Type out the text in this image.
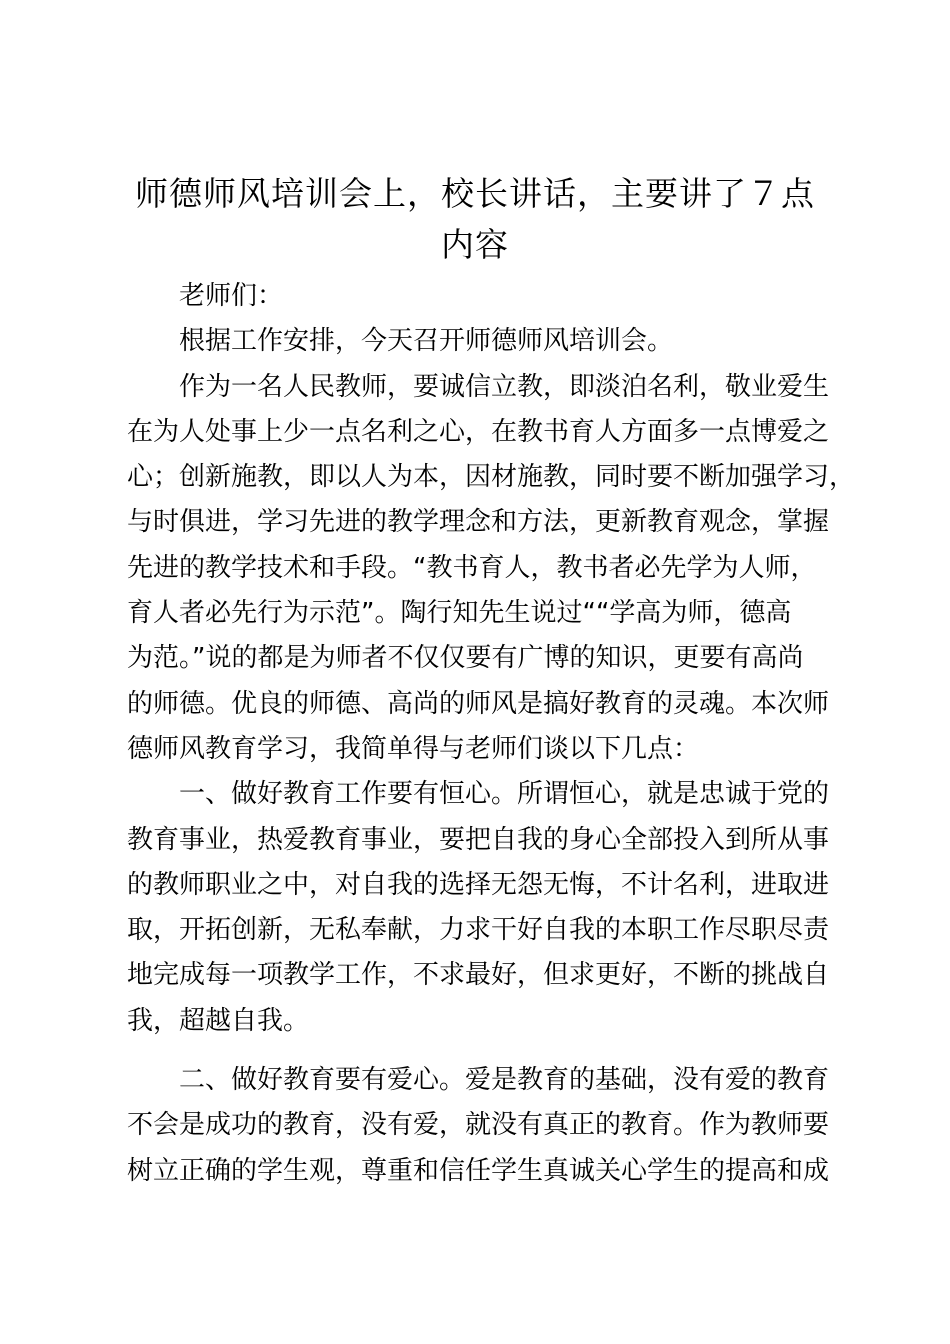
师德师风培训会上，校长讲话，主要讲了７点
内容
老师们：
根据工作安排，今天召开师德师风培训会。
作为一名人民教师，要诚信立教，即淡泊名利，敬业爱生
在为人处事上少一点名利之心，在教书育人方面多一点博爱之
心；创新施教，即以人为本，因材施教，同时要不断加强学习，
与时俱进，学习先进的教学理念和方法，更新教育观念，掌握
先进的教学技术和手段。“教书育人，教书者必先学为人师，
育人者必先行为示范”。陶行知先生说过““学高为师，德高
为范。”说的都是为师者不仅仅要有广博的知识，更要有高尚
的师德。优良的师德、高尚的师风是搞好教育的灵魂。本次师
德师风教育学习，我简单得与老师们谈以下几点：
一、做好教育工作要有恒心。所谓恒心，就是忠诚于党的
教育事业，热爱教育事业，要把自我的身心全部投入到所从事
的教师职业之中，对自我的选择无怨无悔，不计名利，进取进
取，开拓创新，无私奉献，力求干好自我的本职工作尽职尽责
地完成每一项教学工作，不求最好，但求更好，不断的挑战自
我，超越自我。
二、做好教育要有爱心。爱是教育的基础，没有爱的教育
不会是成功的教育，没有爱，就没有真正的教育。作为教师要
树立正确的学生观，尊重和信任学生真诚关心学生的提高和成
